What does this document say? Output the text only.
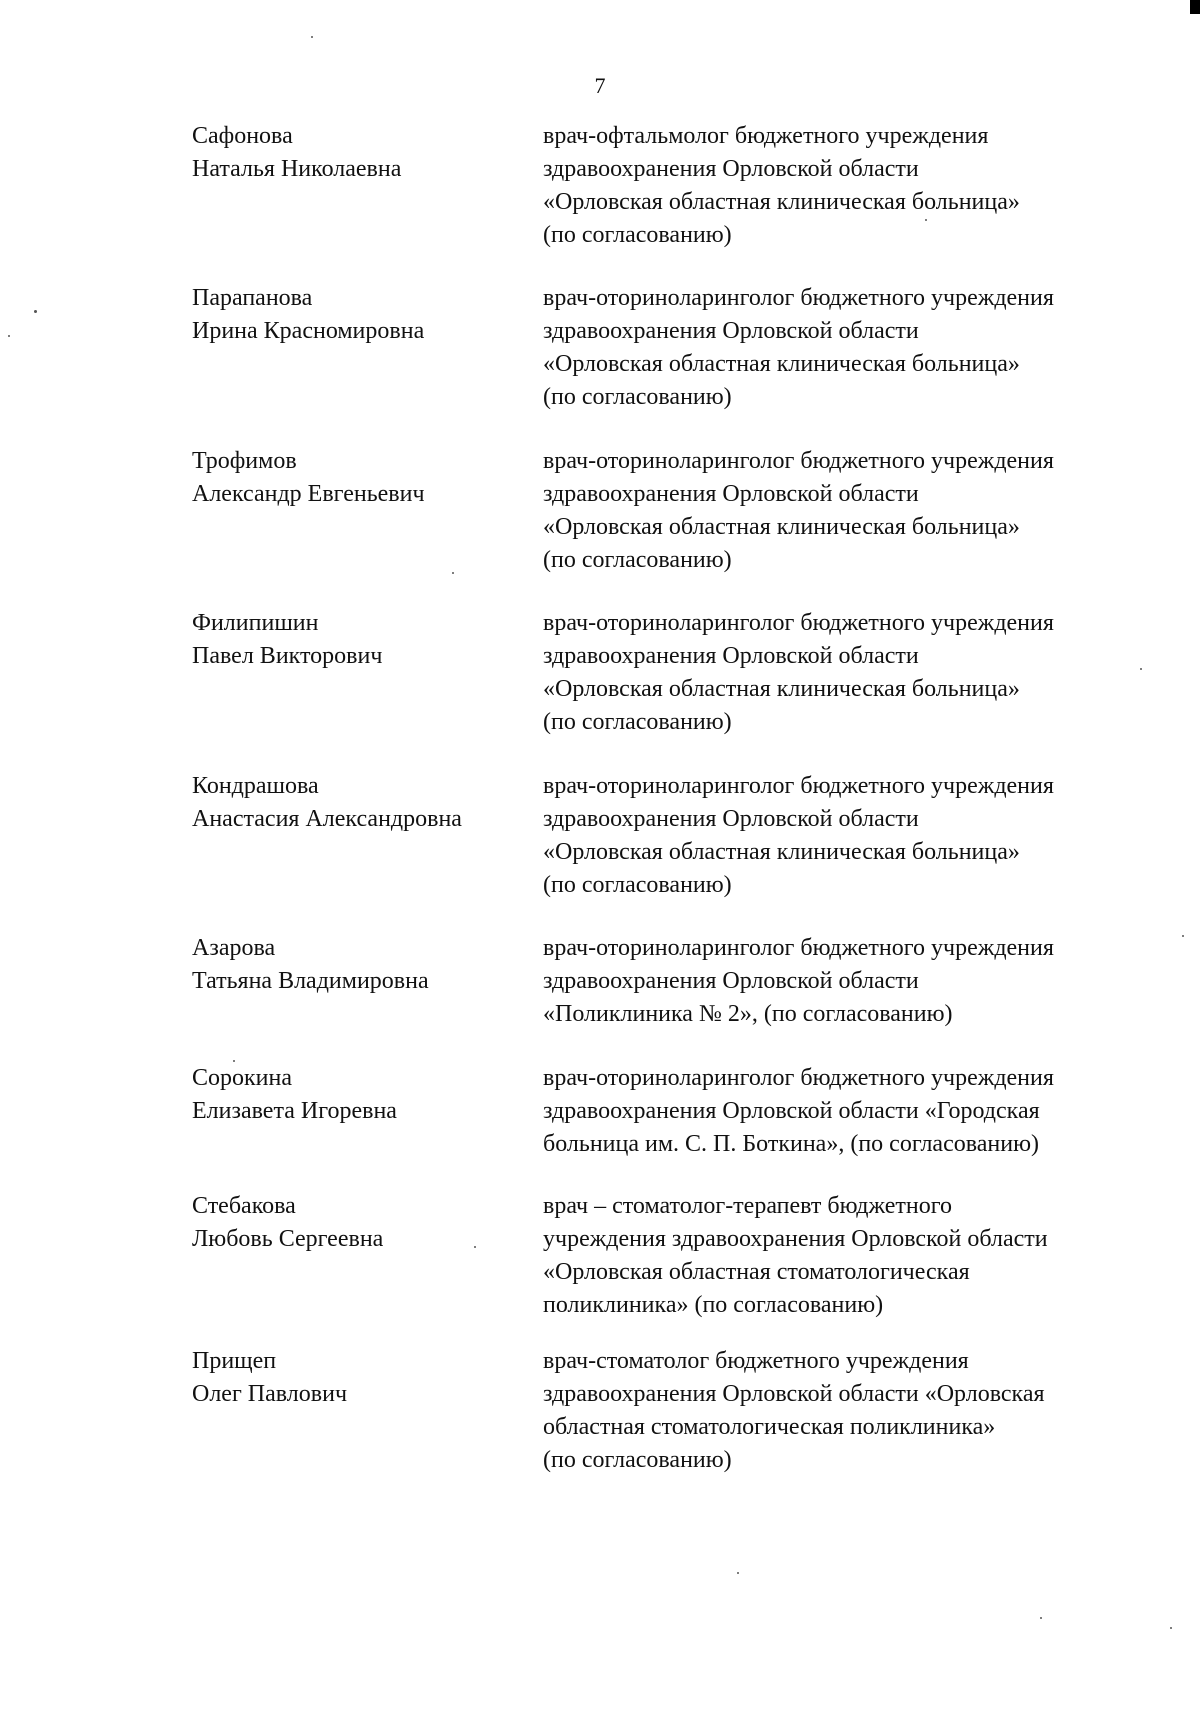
7
Сафонова
Наталья Николаевна
врач-офтальмолог бюджетного учреждения
здравоохранения Орловской области
«Орловская областная клиническая больница»
(по согласованию)
Парапанова
Ирина Красномировна
врач-оториноларинголог бюджетного учреждения
здравоохранения Орловской области
«Орловская областная клиническая больница»
(по согласованию)
Трофимов
Александр Евгеньевич
врач-оториноларинголог бюджетного учреждения
здравоохранения Орловской области
«Орловская областная клиническая больница»
(по согласованию)
Филипишин
Павел Викторович
врач-оториноларинголог бюджетного учреждения
здравоохранения Орловской области
«Орловская областная клиническая больница»
(по согласованию)
Кондрашова
Анастасия Александровна
врач-оториноларинголог бюджетного учреждения
здравоохранения Орловской области
«Орловская областная клиническая больница»
(по согласованию)
Азарова
Татьяна Владимировна
врач-оториноларинголог бюджетного учреждения
здравоохранения Орловской области
«Поликлиника № 2», (по согласованию)
Сорокина
Елизавета Игоревна
врач-оториноларинголог бюджетного учреждения
здравоохранения Орловской области «Городская
больница им. С. П. Боткина», (по согласованию)
Стебакова
Любовь Сергеевна
врач – стоматолог-терапевт бюджетного
учреждения здравоохранения Орловской области
«Орловская областная стоматологическая
поликлиника» (по согласованию)
Прищеп
Олег Павлович
врач-стоматолог бюджетного учреждения
здравоохранения Орловской области «Орловская
областная стоматологическая поликлиника»
(по согласованию)
